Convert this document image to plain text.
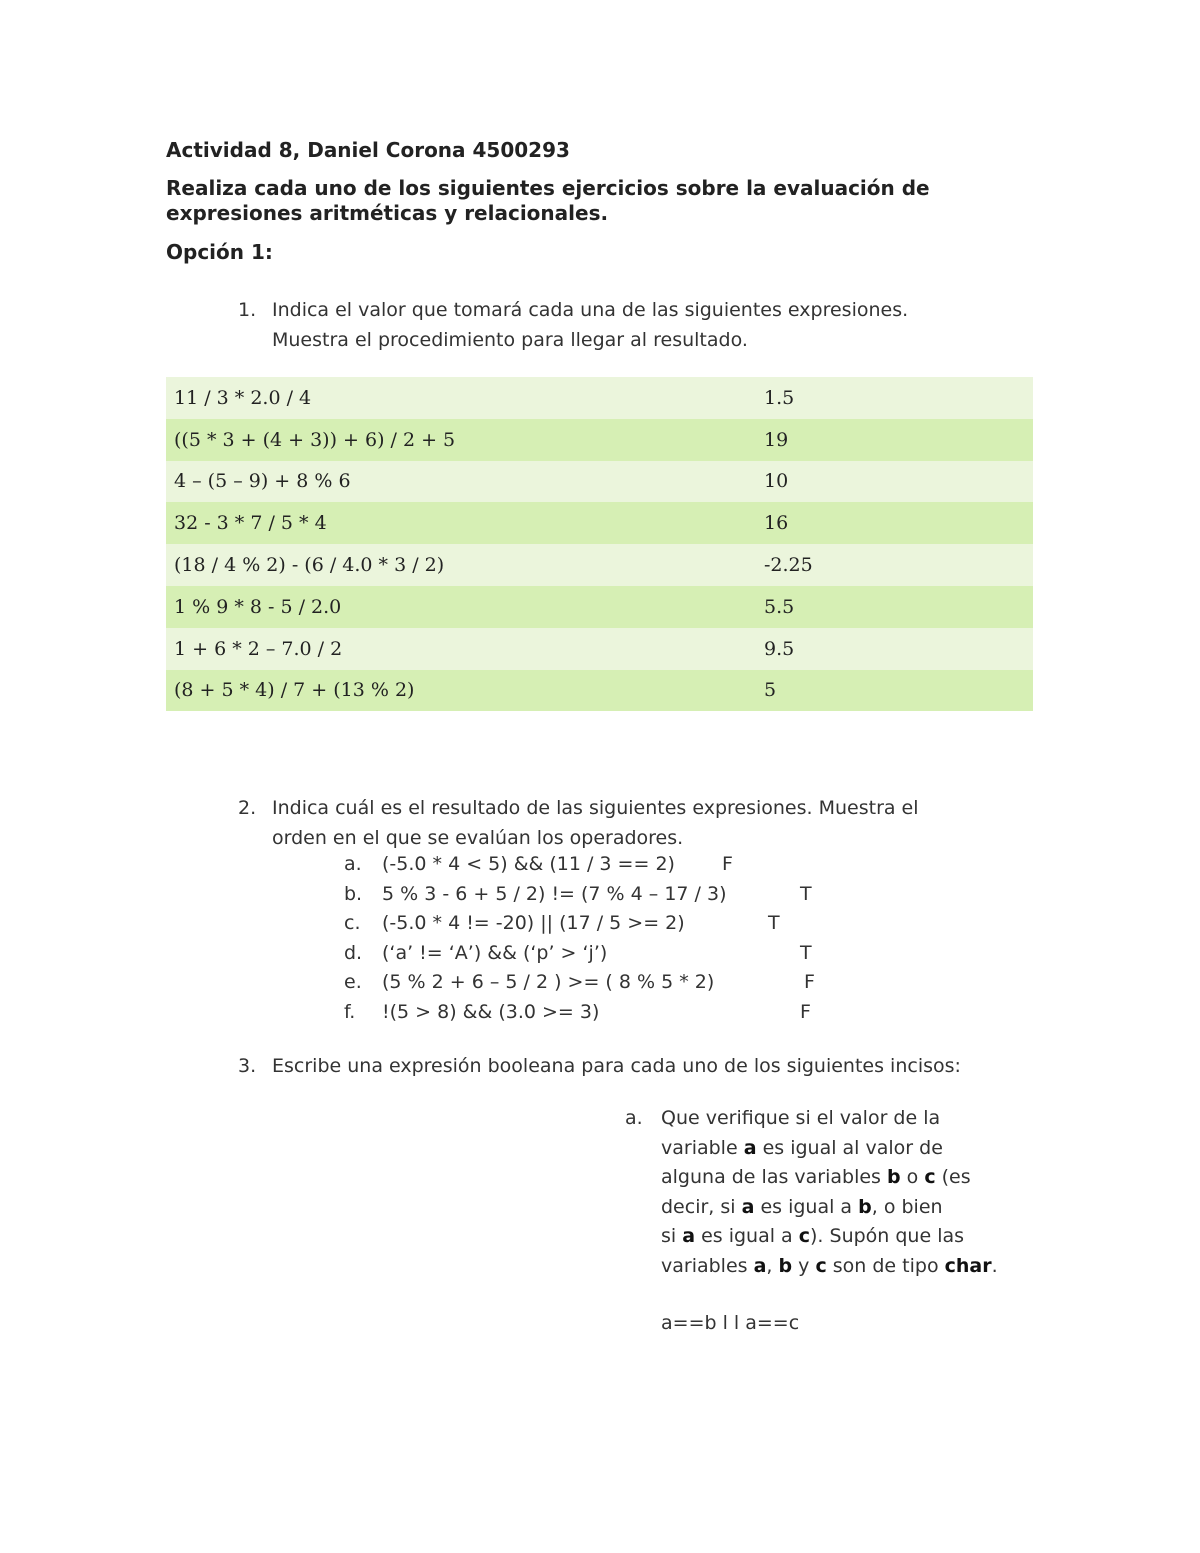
Actividad 8, Daniel Corona 4500293
Realiza cada uno de los siguientes ejercicios sobre la evaluación de expresiones aritméticas y relacionales.
Opción 1:
1. Indica el valor que tomará cada una de las siguientes expresiones.
Muestra el procedimiento para llegar al resultado.
11 / 3 * 2.0 / 4	1.5
((5 * 3 + (4 + 3)) + 6) / 2 + 5	19
4 – (5 – 9) + 8 % 6	10
32 - 3 * 7 / 5 * 4	16
(18 / 4 % 2) - (6 / 4.0 * 3 / 2)	-2.25
1 % 9 * 8 - 5 / 2.0	5.5
1 + 6 * 2 – 7.0 / 2	9.5
(8 + 5 * 4) / 7 + (13 % 2)	5
2. Indica cuál es el resultado de las siguientes expresiones. Muestra el
orden en el que se evalúan los operadores.
a. (-5.0 * 4 < 5) && (11 / 3 == 2) F
b. 5 % 3 - 6 + 5 / 2) != (7 % 4 – 17 / 3)	T
c. (-5.0 * 4 != -20) || (17 / 5 >= 2)	T
d. (‘a’ != ‘A’) && (‘p’ > ‘j’)	T
e. (5 % 2 + 6 – 5 / 2 ) >= ( 8 % 5 * 2)	F
f. !(5 > 8) && (3.0 >= 3)	F
3. Escribe una expresión booleana para cada uno de los siguientes incisos:
a. Que verifique si el valor de la
variable a es igual al valor de
alguna de las variables b o c (es
decir, si a es igual a b, o bien
si a es igual a c). Supón que las
variables a, b y c son de tipo char.
a==b l l a==c
